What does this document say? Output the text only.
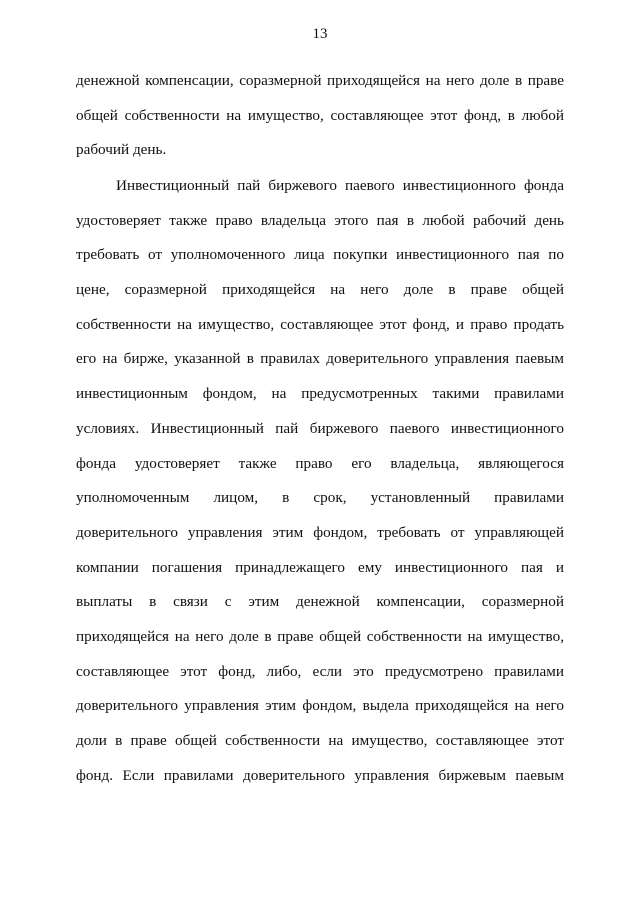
13
денежной компенсации, соразмерной приходящейся на него доле в праве
общей собственности на имущество, составляющее этот фонд, в любой
рабочий день.
Инвестиционный пай биржевого паевого инвестиционного фонда
удостоверяет также право владельца этого пая в любой рабочий день
требовать от уполномоченного лица покупки инвестиционного пая по
цене, соразмерной приходящейся на него доле в праве общей
собственности на имущество, составляющее этот фонд, и право продать
его на бирже, указанной в правилах доверительного управления паевым
инвестиционным фондом, на предусмотренных такими правилами
условиях. Инвестиционный пай биржевого паевого инвестиционного
фонда удостоверяет также право его владельца, являющегося
уполномоченным лицом, в срок, установленный правилами
доверительного управления этим фондом, требовать от управляющей
компании погашения принадлежащего ему инвестиционного пая и
выплаты в связи с этим денежной компенсации, соразмерной
приходящейся на него доле в праве общей собственности на имущество,
составляющее этот фонд, либо, если это предусмотрено правилами
доверительного управления этим фондом, выдела приходящейся на него
доли в праве общей собственности на имущество, составляющее этот
фонд. Если правилами доверительного управления биржевым паевым
